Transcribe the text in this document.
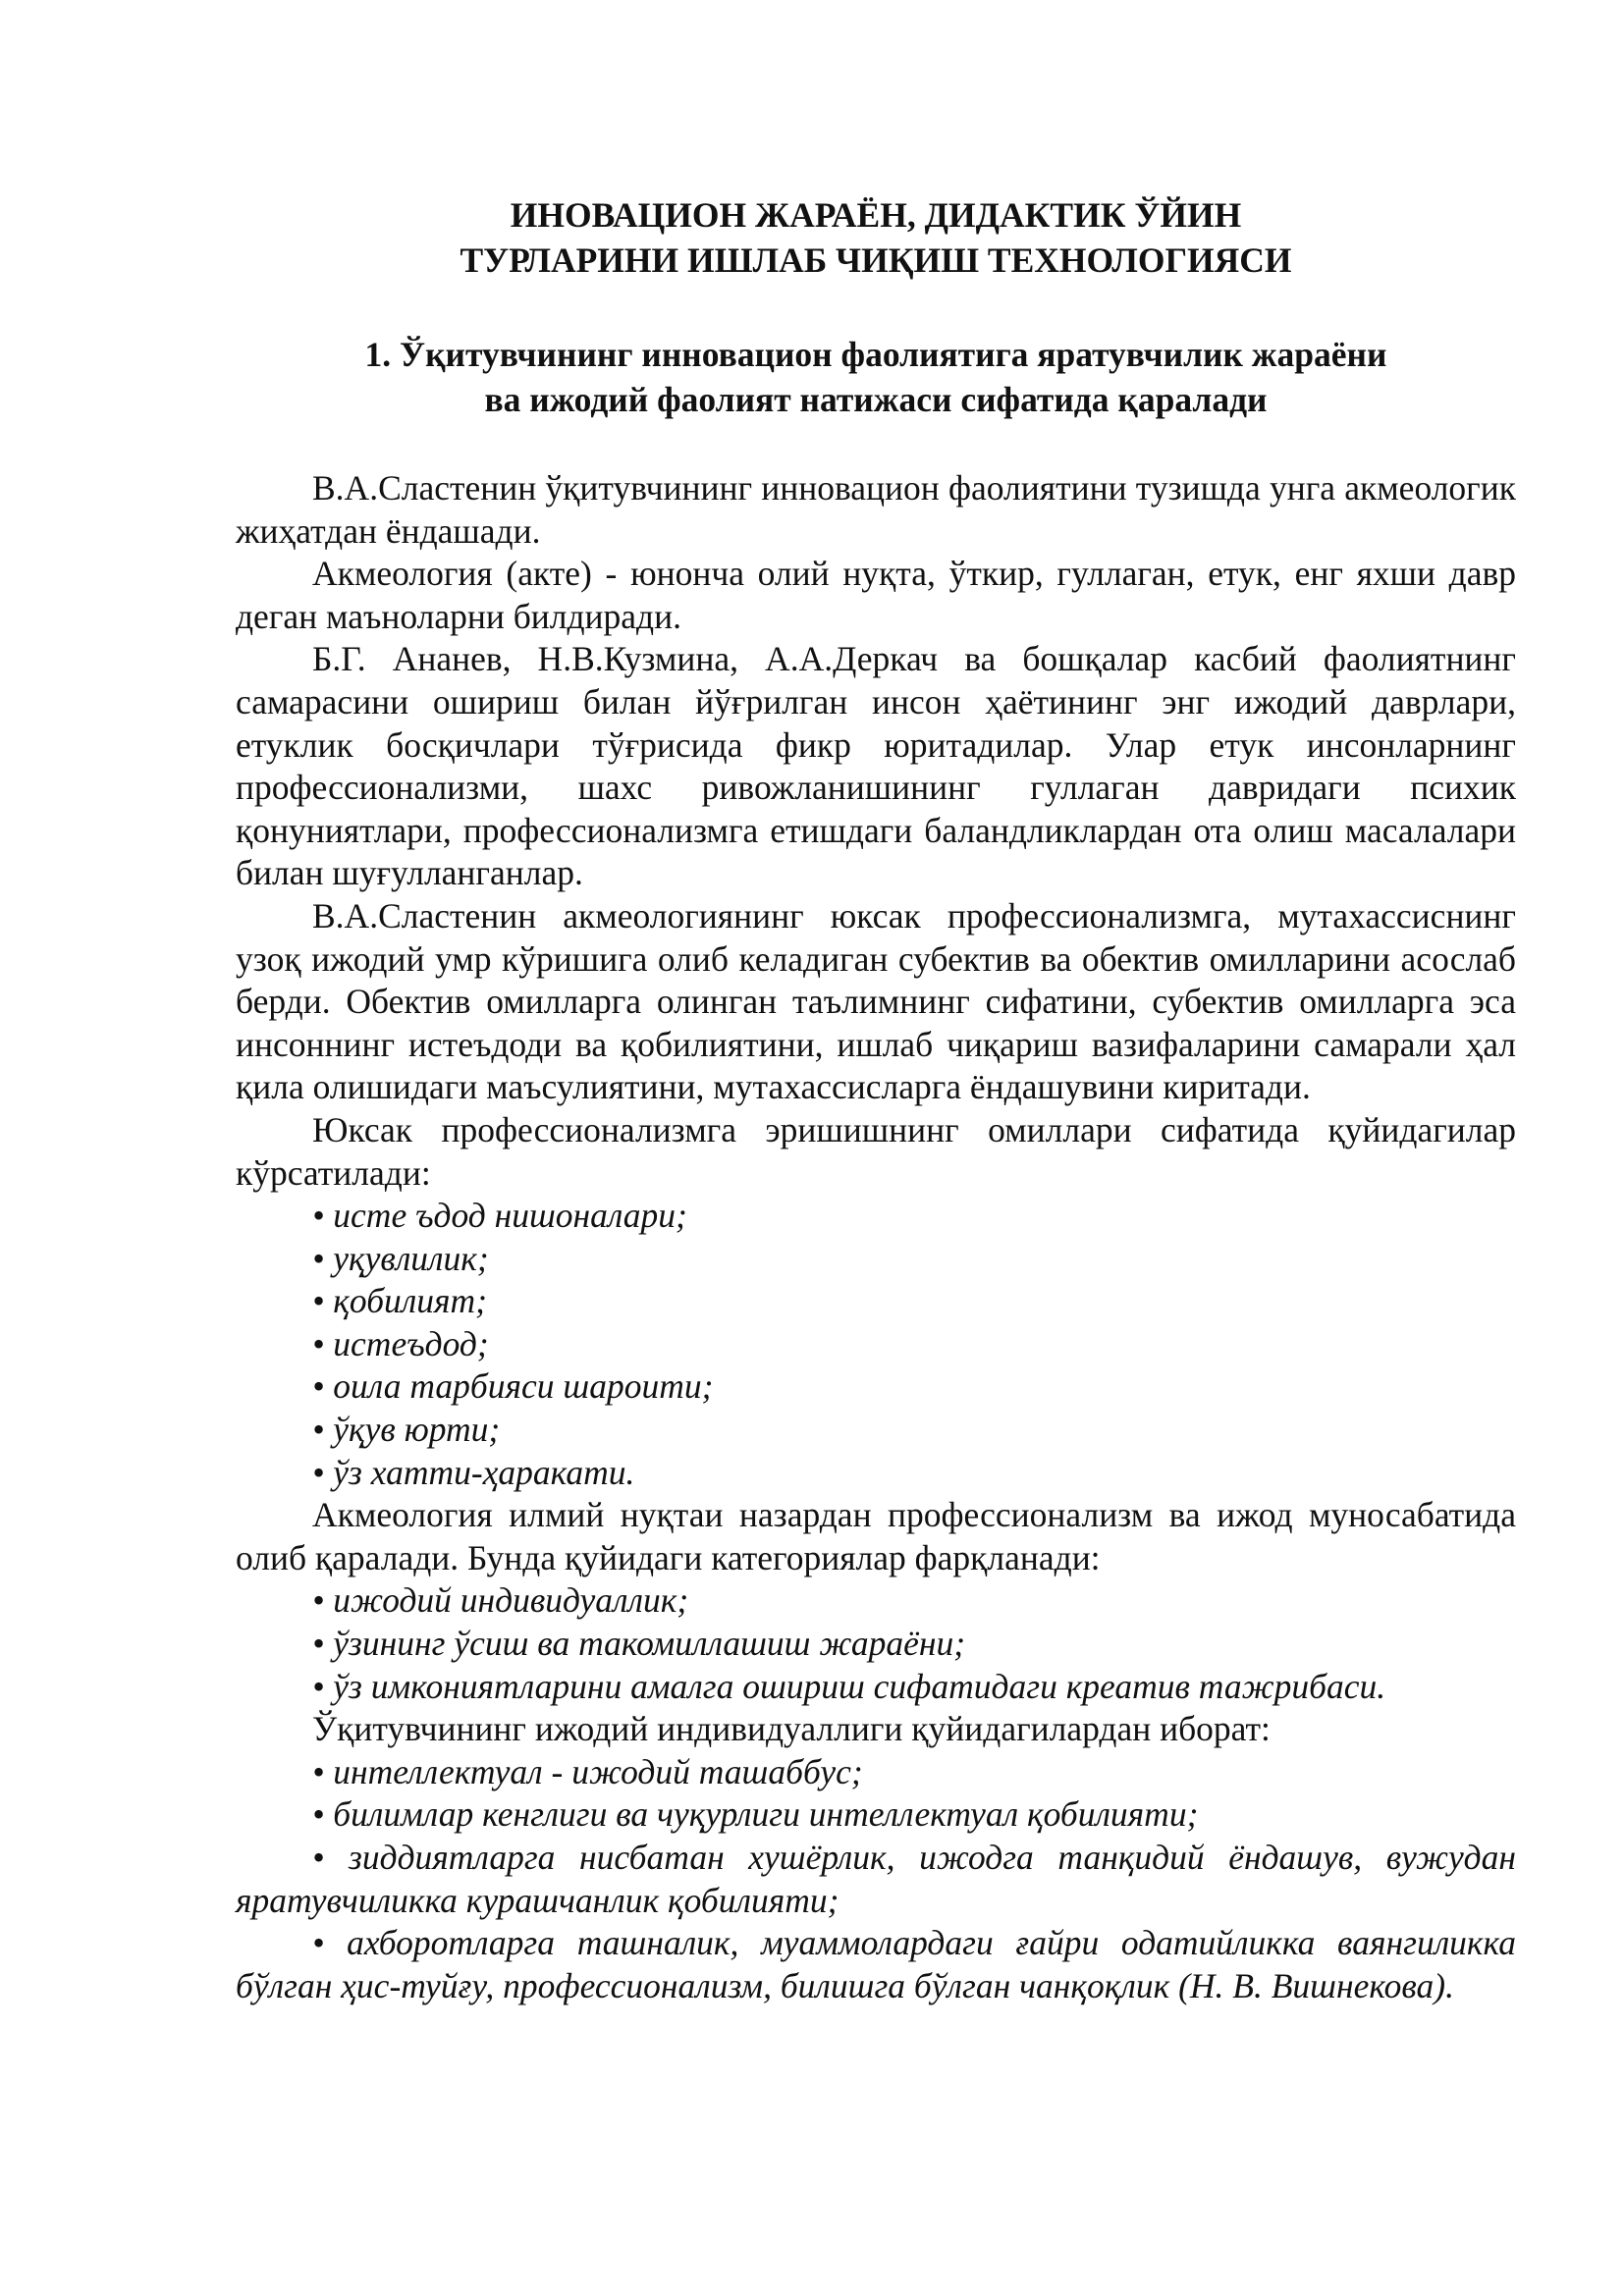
ИНОВАЦИОН ЖАРАЁН, ДИДАКТИК ЎЙИН
ТУРЛАРИНИ ИШЛАБ ЧИҚИШ ТЕХНОЛОГИЯСИ
1. Ўқитувчининг инновацион фаолиятига яратувчилик жараёни
ва ижодий фаолият натижаси сифатида қаралади

В.А.Сластенин ўқитувчининг инновацион фаолиятини тузишда унга акмеологик жиҳатдан ёндашади.

Акмеология (акте) - юнонча олий нуқта, ўткир, гуллаган, етук, енг яхши давр деган маъноларни билдиради.

Б.Г. Ананев, Н.В.Кузмина, А.А.Деркач ва бошқалар касбий фаолиятнинг самарасини ошириш билан йўғрилган инсон ҳаётининг энг ижодий даврлари, етуклик босқичлари тўғрисида фикр юритадилар. Улар етук инсонларнинг профессионализми, шахс ривожланишининг гуллаган давридаги психик қонуниятлари, профессионализмга етишдаги баландликлардан ота олиш масалалари билан шуғулланганлар.

В.А.Сластенин акмеологиянинг юксак профессионализмга, мутахассиснинг узоқ ижодий умр кўришига олиб келадиган субектив ва обектив омилларини асослаб берди. Обектив омилларга олинган таълимнинг сифатини, субектив омилларга эса инсоннинг истеъдоди ва қобилиятини, ишлаб чиқариш вазифаларини самарали ҳал қила олишидаги маъсулиятини, мутахассисларга ёндашувини киритади.

Юксак профессионализмга эришишнинг омиллари сифатида қуйидагилар кўрсатилади:

• исте ъдод нишоналари;

• уқувлилик;

• қобилият;

• истеъдод;

• оила тарбияси шароити;

• ўқув юрти;

• ўз хатти-ҳаракати.

Акмеология илмий нуқтаи назардан профессионализм ва ижод муносабатида олиб қаралади. Бунда қуйидаги категориялар фарқланади:

• ижодий индивидуаллик;

• ўзининг ўсиш ва такомиллашиш жараёни;

• ўз имкониятларини амалга ошириш сифатидаги креатив тажрибаси.

Ўқитувчининг ижодий индивидуаллиги қуйидагилардан иборат:

• интеллектуал - ижодий ташаббус;

• билимлар кенглиги ва чуқурлиги интеллектуал қобилияти;

• зиддиятларга нисбатан хушёрлик, ижодга танқидий ёндашув, вужудан яратувчиликка курашчанлик қобилияти;

• ахборотларга ташналик, муаммолардаги ғайри одатийликка ваянгиликка бўлган ҳис-туйғу, профессионализм, билишга бўлган чанқоқлик (Н. В. Вишнекова).
